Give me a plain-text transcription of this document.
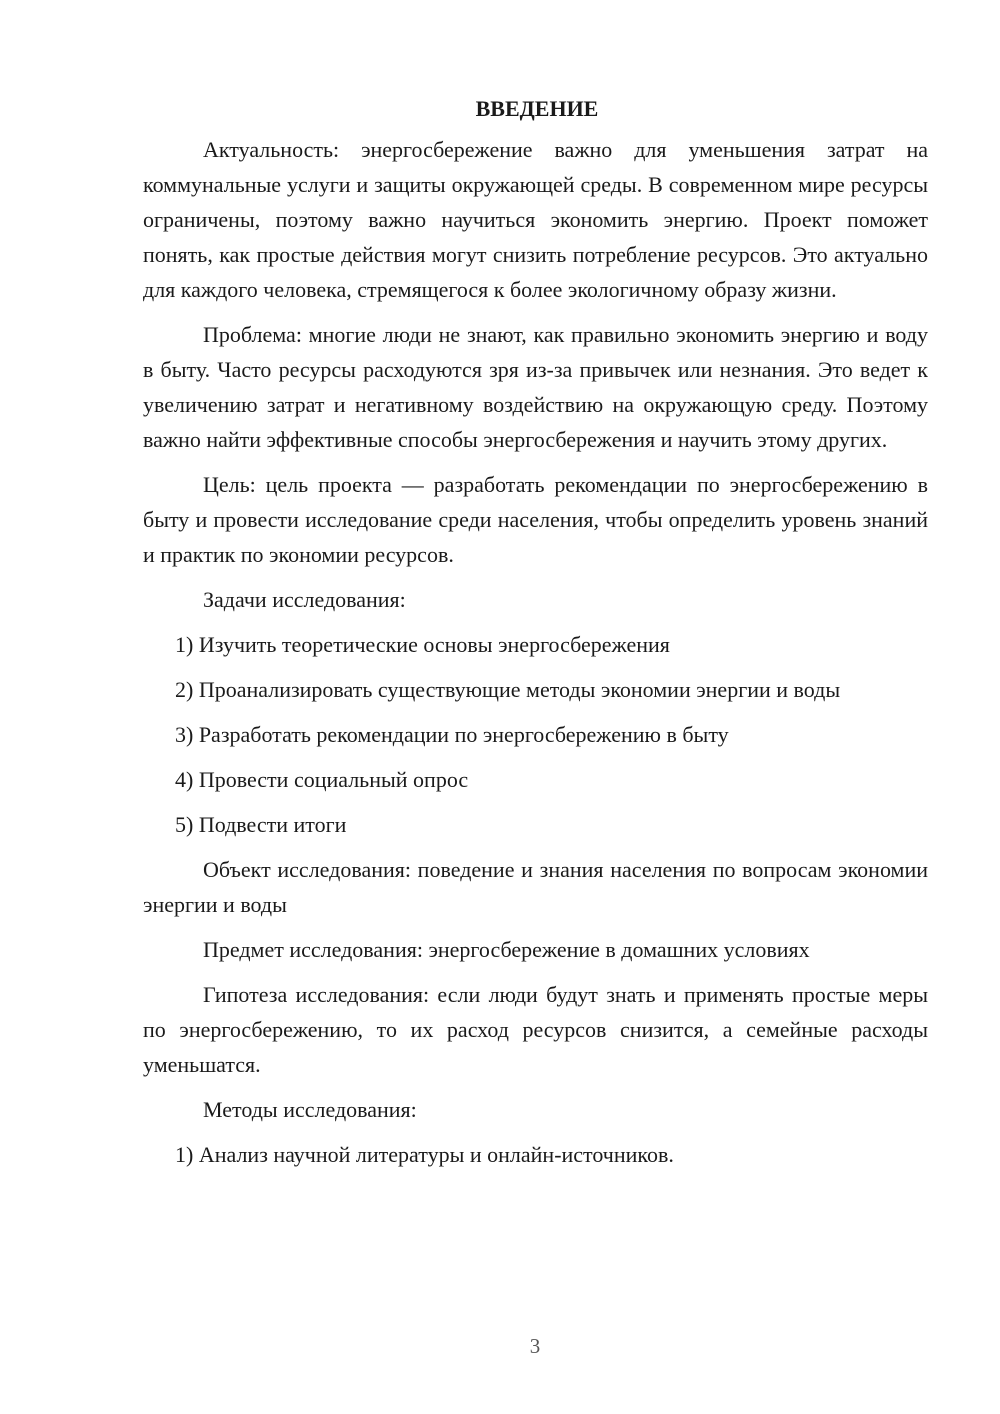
ВВЕДЕНИЕ

Актуальность: энергосбережение важно для уменьшения затрат на коммунальные услуги и защиты окружающей среды. В современном мире ресурсы ограничены, поэтому важно научиться экономить энергию. Проект поможет понять, как простые действия могут снизить потребление ресурсов. Это актуально для каждого человека, стремящегося к более экологичному образу жизни.

Проблема: многие люди не знают, как правильно экономить энергию и воду в быту. Часто ресурсы расходуются зря из-за привычек или незнания. Это ведет к увеличению затрат и негативному воздействию на окружающую среду. Поэтому важно найти эффективные способы энергосбережения и научить этому других.

Цель: цель проекта — разработать рекомендации по энергосбережению в быту и провести исследование среди населения, чтобы определить уровень знаний и практик по экономии ресурсов.

Задачи исследования:

1) Изучить теоретические основы энергосбережения

2) Проанализировать существующие методы экономии энергии и воды

3) Разработать рекомендации по энергосбережению в быту

4) Провести социальный опрос

5) Подвести итоги

Объект исследования: поведение и знания населения по вопросам экономии энергии и воды

Предмет исследования: энергосбережение в домашних условиях

Гипотеза исследования: если люди будут знать и применять простые меры по энергосбережению, то их расход ресурсов снизится, а семейные расходы уменьшатся.

Методы исследования:

1) Анализ научной литературы и онлайн-источников.

3
